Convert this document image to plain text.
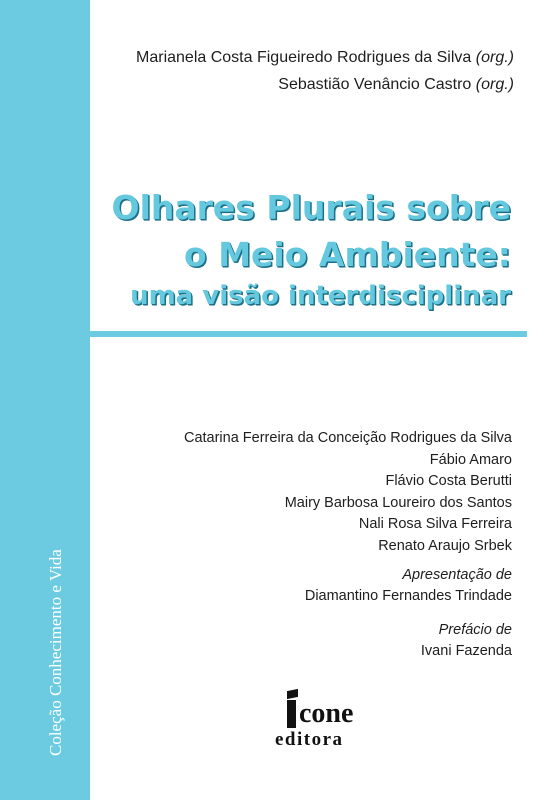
Coleção Conhecimento e Vida
Marianela Costa Figueiredo Rodrigues da Silva (org.)
Sebastião Venâncio Castro (org.)
Olhares Plurais sobre
o Meio Ambiente:
uma visão interdisciplinar
Catarina Ferreira da Conceição Rodrigues da Silva
Fábio Amaro
Flávio Costa Berutti
Mairy Barbosa Loureiro dos Santos
Nali Rosa Silva Ferreira
Renato Araujo Srbek
Apresentação de
Diamantino Fernandes Trindade
Prefácio de
Ivani Fazenda
cone
editora
